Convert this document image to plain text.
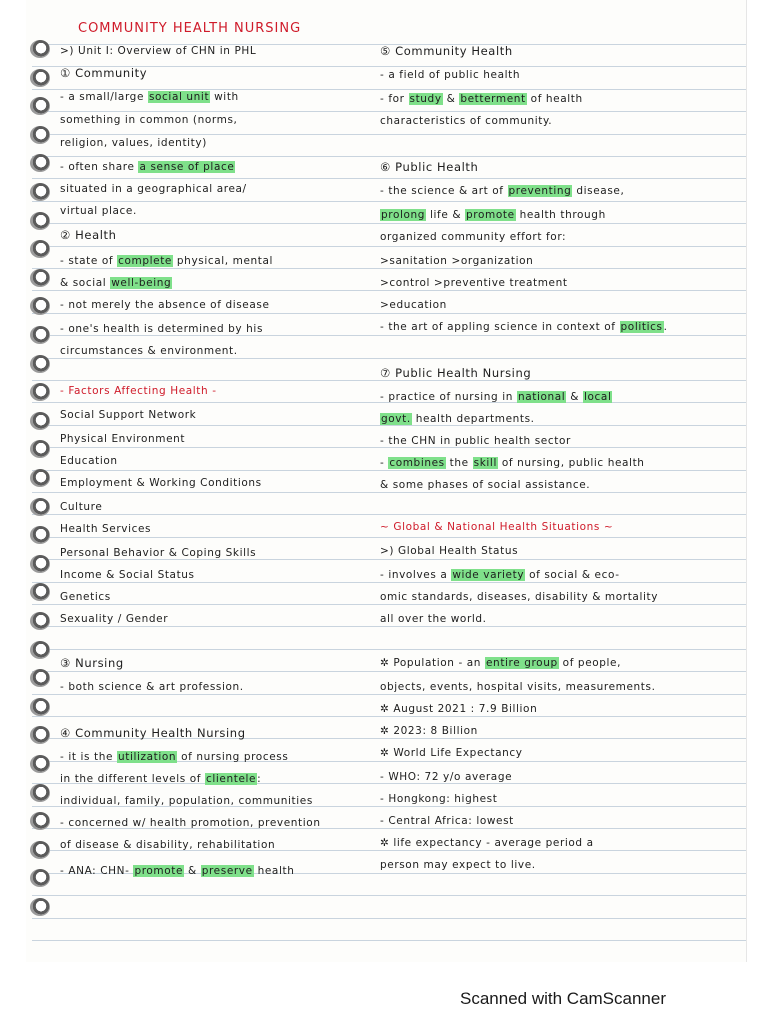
COMMUNITY HEALTH NURSING
>) Unit I: Overview of CHN in PHL
① Community
- a small/large social unit with
something in common (norms,
religion, values, identity)
- often share a sense of place
situated in a geographical area/
virtual place.
② Health
- state of complete physical, mental
& social well-being
- not merely the absence of disease
- one's health is determined by his
circumstances & environment.
- Factors Affecting Health -
Social Support Network
Physical Environment
Education
Employment & Working Conditions
Culture
Health Services
Personal Behavior & Coping Skills
Income & Social Status
Genetics
Sexuality / Gender
③ Nursing
- both science & art profession.
④ Community Health Nursing
- it is the utilization of nursing process
in the different levels of clientele:
individual, family, population, communities
- concerned w/ health promotion, prevention
of disease & disability, rehabilitation
- ANA: CHN- promote & preserve health
⑤ Community Health
- a field of public health
- for study & betterment of health
characteristics of community.
⑥ Public Health
- the science & art of preventing disease,
prolong life & promote health through
organized community effort for:
>sanitation >organization
>control >preventive treatment
>education
- the art of appling science in context of politics.
⑦ Public Health Nursing
- practice of nursing in national & local
govt. health departments.
- the CHN in public health sector
- combines the skill of nursing, public health
& some phases of social assistance.
~ Global & National Health Situations ~
>) Global Health Status
- involves a wide variety of social & eco-
omic standards, diseases, disability & mortality
all over the world.
✲ Population - an entire group of people,
objects, events, hospital visits, measurements.
✲ August 2021 : 7.9 Billion
✲ 2023: 8 Billion
✲ World Life Expectancy
- WHO: 72 y/o average
- Hongkong: highest
- Central Africa: lowest
✲ life expectancy - average period a
person may expect to live.
Scanned with CamScanner
